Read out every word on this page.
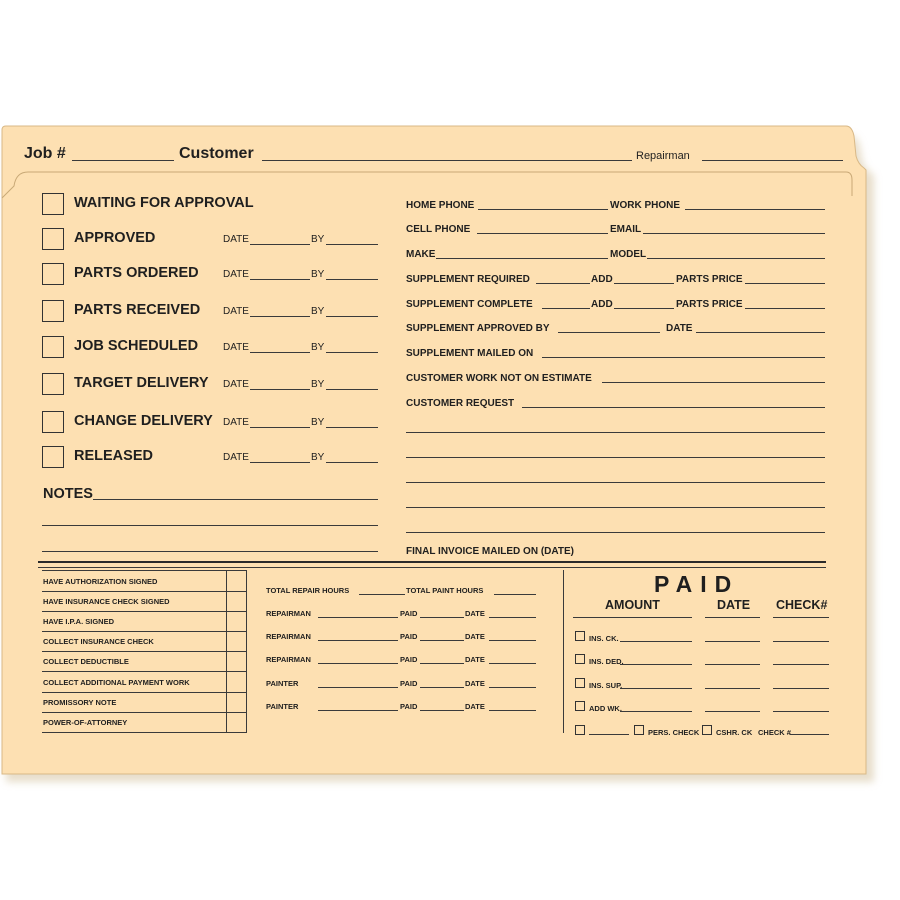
Job #	Customer	Repairman
WAITING FOR APPROVAL
APPROVED	DATE	BY
PARTS ORDERED DATE	BY
PARTS RECEIVED DATE	BY
JOB SCHEDULED DATE	BY
TARGET DELIVERY DATE	BY
CHANGE DELIVERY DATE	BY
RELEASED	DATE	BY
NOTES
HOME PHONE	WORK PHONE
CELL PHONE	EMAIL
MAKE	MODEL
SUPPLEMENT REQUIRED	ADD	PARTS PRICE
SUPPLEMENT COMPLETE	ADD	PARTS PRICE
SUPPLEMENT APPROVED BY	DATE
SUPPLEMENT MAILED ON
CUSTOMER WORK NOT ON ESTIMATE
CUSTOMER REQUEST
FINAL INVOICE MAILED ON (DATE)
HAVE AUTHORIZATION SIGNED
HAVE INSURANCE CHECK SIGNED
HAVE I.P.A. SIGNED
COLLECT INSURANCE CHECK
COLLECT DEDUCTIBLE
COLLECT ADDITIONAL PAYMENT WORK
PROMISSORY NOTE
POWER-OF-ATTORNEY
TOTAL REPAIR HOURS	TOTAL PAINT HOURS
REPAIRMAN	PAID	DATE
REPAIRMAN	PAID	DATE
REPAIRMAN	PAID	DATE
PAINTER	PAID	DATE
PAINTER	PAID	DATE
PAID
AMOUNT	DATE CHECK#
INS. CK.
INS. DED.
INS. SUP.
ADD WK.
PERS. CHECK CSHR. CK CHECK #
